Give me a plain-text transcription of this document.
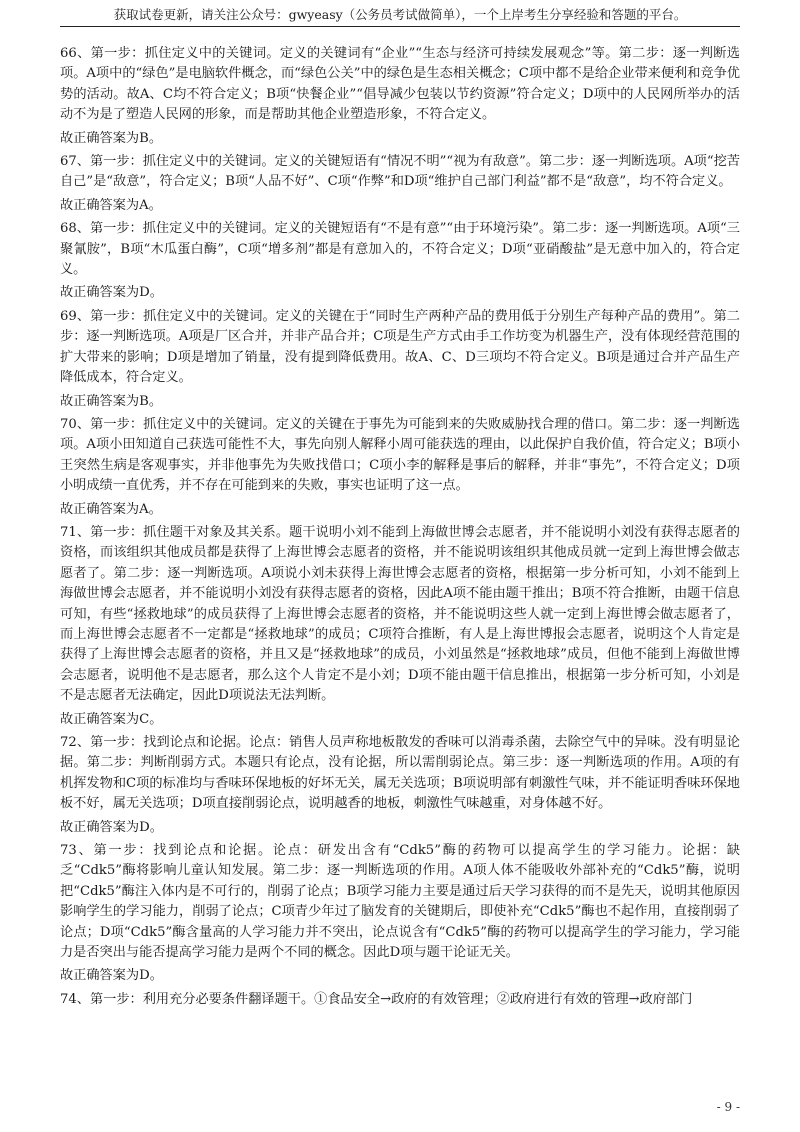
获取试卷更新，请关注公众号：gwyeasy（公务员考试做简单），一个上岸考生分享经验和答题的平台。

66、第一步：抓住定义中的关键词。定义的关键词有“企业”“生态与经济可持续发展观念”等。第二步：逐一判断选项。A项中的“绿色”是电脑软件概念，而“绿色公关”中的绿色是生态相关概念；C项中都不是给企业带来便利和竞争优势的活动。故A、C均不符合定义；B项“快餐企业”“倡导减少包装以节约资源”符合定义；D项中的人民网所举办的活动不为是了塑造人民网的形象，而是帮助其他企业塑造形象，不符合定义。

故正确答案为B。

67、第一步：抓住定义中的关键词。定义的关键短语有“情况不明”“视为有敌意”。第二步：逐一判断选项。A项“挖苦自己”是“敌意”，符合定义；B项“人品不好”、C项“作弊”和D项“维护自己部门利益”都不是“敌意”，均不符合定义。

故正确答案为A。

68、第一步：抓住定义中的关键词。定义的关键短语有“不是有意”“由于环境污染”。第二步：逐一判断选项。A项“三聚氰胺”，B项“木瓜蛋白酶”，C项“增多剂”都是有意加入的，不符合定义；D项“亚硝酸盐”是无意中加入的，符合定义。

故正确答案为D。

69、第一步：抓住定义中的关键词。定义的关键在于“同时生产两种产品的费用低于分别生产每种产品的费用”。第二步：逐一判断选项。A项是厂区合并，并非产品合并；C项是生产方式由手工作坊变为机器生产，没有体现经营范围的扩大带来的影响；D项是增加了销量，没有提到降低费用。故A、C、D三项均不符合定义。B项是通过合并产品生产降低成本，符合定义。

故正确答案为B。

70、第一步：抓住定义中的关键词。定义的关键在于事先为可能到来的失败威胁找合理的借口。第二步：逐一判断选项。A项小田知道自己获选可能性不大，事先向别人解释小周可能获选的理由，以此保护自我价值，符合定义；B项小王突然生病是客观事实，并非他事先为失败找借口；C项小李的解释是事后的解释，并非“事先”，不符合定义；D项小明成绩一直优秀，并不存在可能到来的失败，事实也证明了这一点。

故正确答案为A。

71、第一步：抓住题干对象及其关系。题干说明小刘不能到上海做世博会志愿者，并不能说明小刘没有获得志愿者的资格，而该组织其他成员都是获得了上海世博会志愿者的资格，并不能说明该组织其他成员就一定到上海世博会做志愿者了。第二步：逐一判断选项。A项说小刘未获得上海世博会志愿者的资格，根据第一步分析可知，小刘不能到上海做世博会志愿者，并不能说明小刘没有获得志愿者的资格，因此A项不能由题干推出；B项不符合推断，由题干信息可知，有些“拯救地球”的成员获得了上海世博会志愿者的资格，并不能说明这些人就一定到上海世博会做志愿者了，而上海世博会志愿者不一定都是“拯救地球”的成员；C项符合推断，有人是上海世博报会志愿者，说明这个人肯定是获得了上海世博会志愿者的资格，并且又是“拯救地球”的成员，小刘虽然是“拯救地球”成员，但他不能到上海做世博会志愿者，说明他不是志愿者，那么这个人肯定不是小刘；D项不能由题干信息推出，根据第一步分析可知，小刘是不是志愿者无法确定，因此D项说法无法判断。

故正确答案为C。

72、第一步：找到论点和论据。论点：销售人员声称地板散发的香味可以消毒杀菌，去除空气中的异味。没有明显论据。第二步：判断削弱方式。本题只有论点，没有论据，所以需削弱论点。第三步：逐一判断选项的作用。A项的有机挥发物和C项的标准均与香味环保地板的好坏无关，属无关选项；B项说明部有刺激性气味，并不能证明香味环保地板不好，属无关选项；D项直接削弱论点，说明越香的地板，刺激性气味越重，对身体越不好。

故正确答案为D。

73、第一步：找到论点和论据。论点：研发出含有“Cdk5”酶的药物可以提高学生的学习能力。论据：缺乏“Cdk5”酶将影响儿童认知发展。第二步：逐一判断选项的作用。A项人体不能吸收外部补充的“Cdk5”酶，说明把“Cdk5”酶注入体内是不可行的，削弱了论点；B项学习能力主要是通过后天学习获得的而不是先天，说明其他原因影响学生的学习能力，削弱了论点；C项青少年过了脑发育的关键期后，即使补充“Cdk5”酶也不起作用，直接削弱了论点；D项“Cdk5”酶含量高的人学习能力并不突出，论点说含有“Cdk5”酶的药物可以提高学生的学习能力，学习能力是否突出与能否提高学习能力是两个不同的概念。因此D项与题干论证无关。

故正确答案为D。

74、第一步：利用充分必要条件翻译题干。①食品安全→政府的有效管理；②政府进行有效的管理→政府部门

- 9 -
